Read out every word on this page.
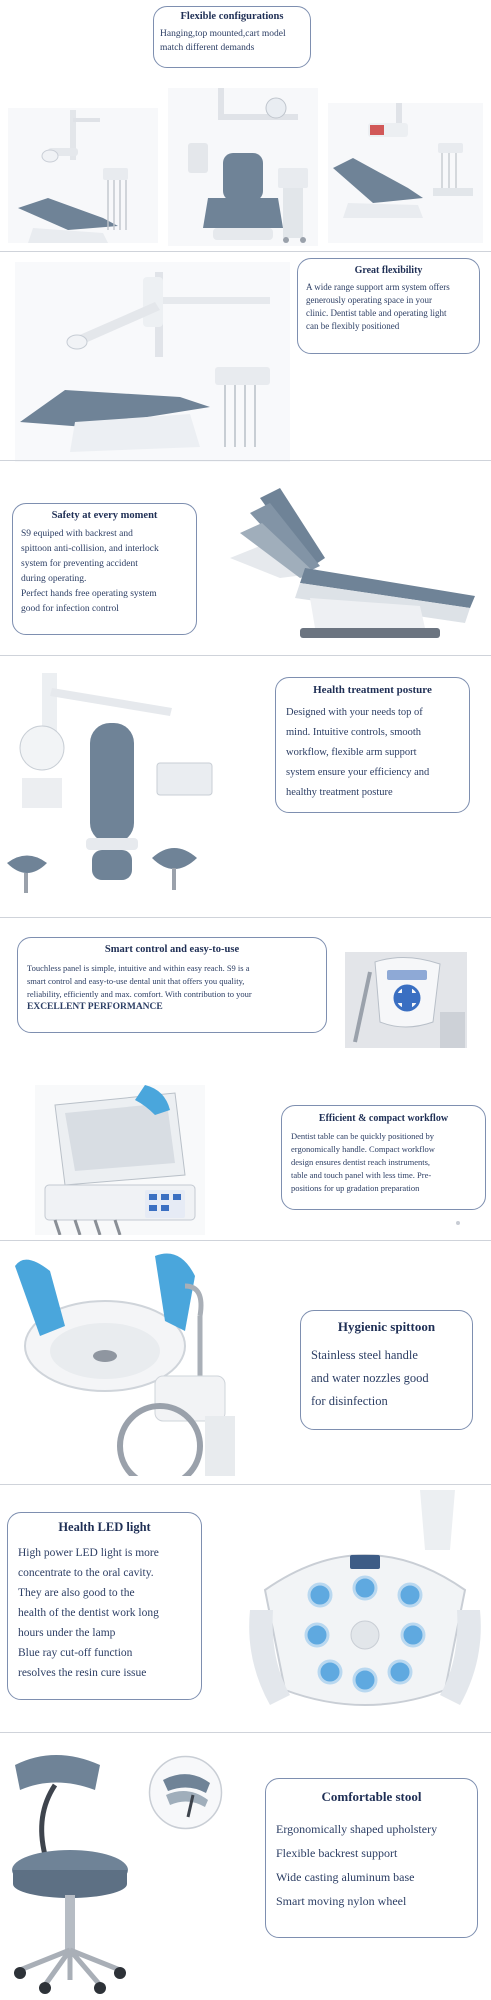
Flexible configurations

Hanging,top mounted,cart model
match different demands

Great flexibility

A wide range support arm system offers
generously operating space in your
clinic. Dentist table and operating light
can be flexibly positioned

Safety at every moment

S9 equiped with backrest and
spittoon anti-collision, and interlock
system for preventing accident
during operating.
Perfect hands free operating system
good for infection control

Health treatment posture

Designed with your needs top of
mind. Intuitive controls, smooth
workflow, flexible arm support
system ensure your efficiency and
healthy treatment posture

Smart control and easy-to-use

Touchless panel is simple, intuitive and within easy reach. S9 is a
smart control and easy-to-use dental unit that offers you quality,
reliability, efficiently and max. comfort. With contribution to your

EXCELLENT PERFORMANCE

Efficient & compact workflow

Dentist table can be quickly positioned by
ergonomically handle. Compact workflow
design ensures dentist reach instruments,
table and touch panel with less time. Pre-
positions for up gradation preparation

Hygienic spittoon

Stainless steel handle
and water nozzles good
for disinfection

Health LED light

High power LED light is more
concentrate to the oral cavity.
They are also good to the
health of the dentist work long
hours under the lamp
Blue ray cut-off function
resolves the resin cure issue

Comfortable stool

Ergonomically shaped upholstery
Flexible backrest support
Wide casting aluminum base
Smart moving nylon wheel
